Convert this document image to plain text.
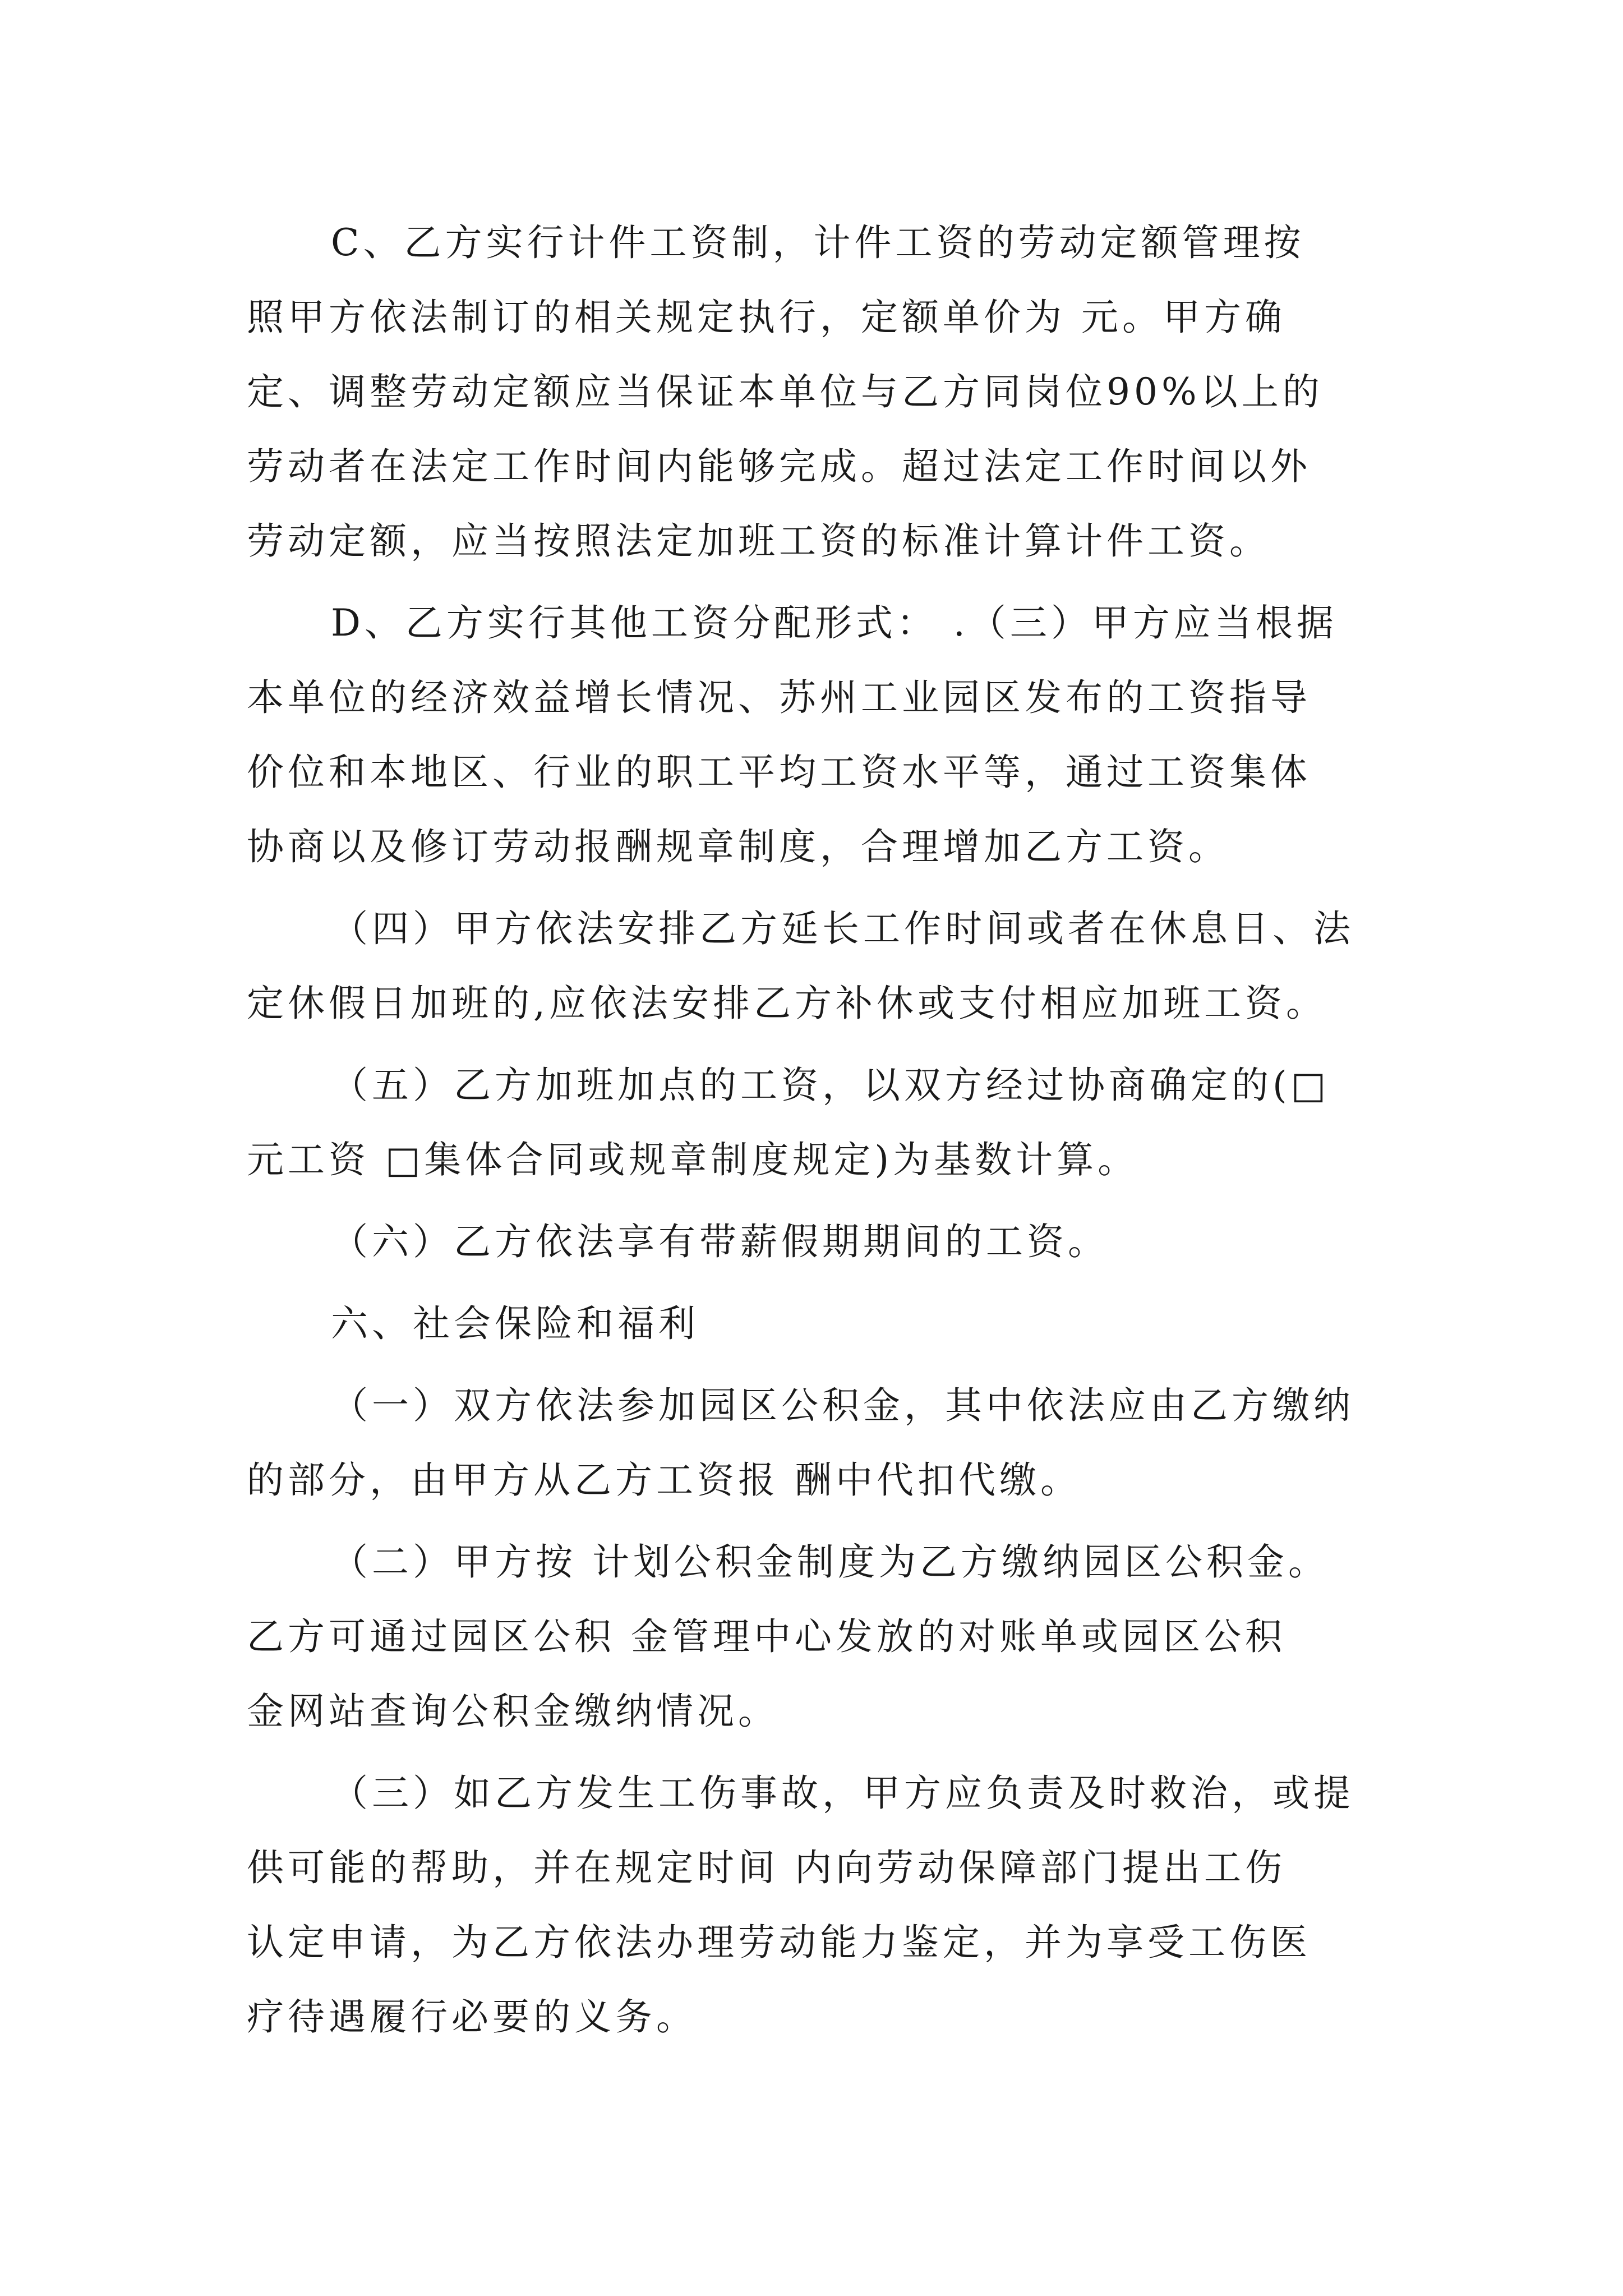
C、乙方实行计件工资制，计件工资的劳动定额管理按
照甲方依法制订的相关规定执行，定额单价为 元。甲方确
定、调整劳动定额应当保证本单位与乙方同岗位90%以上的
劳动者在法定工作时间内能够完成。超过法定工作时间以外
劳动定额，应当按照法定加班工资的标准计算计件工资。
D、乙方实行其他工资分配形式： .（三）甲方应当根据
本单位的经济效益增长情况、苏州工业园区发布的工资指导
价位和本地区、行业的职工平均工资水平等，通过工资集体
协商以及修订劳动报酬规章制度，合理增加乙方工资。
（四）甲方依法安排乙方延长工作时间或者在休息日、法
定休假日加班的,应依法安排乙方补休或支付相应加班工资。
（五）乙方加班加点的工资，以双方经过协商确定的(□
元工资 □集体合同或规章制度规定)为基数计算。
（六）乙方依法享有带薪假期期间的工资。
六、社会保险和福利
（一）双方依法参加园区公积金，其中依法应由乙方缴纳
的部分，由甲方从乙方工资报 酬中代扣代缴。
（二）甲方按 计划公积金制度为乙方缴纳园区公积金。
乙方可通过园区公积 金管理中心发放的对账单或园区公积
金网站查询公积金缴纳情况。
（三）如乙方发生工伤事故，甲方应负责及时救治，或提
供可能的帮助，并在规定时间 内向劳动保障部门提出工伤
认定申请，为乙方依法办理劳动能力鉴定，并为享受工伤医
疗待遇履行必要的义务。
